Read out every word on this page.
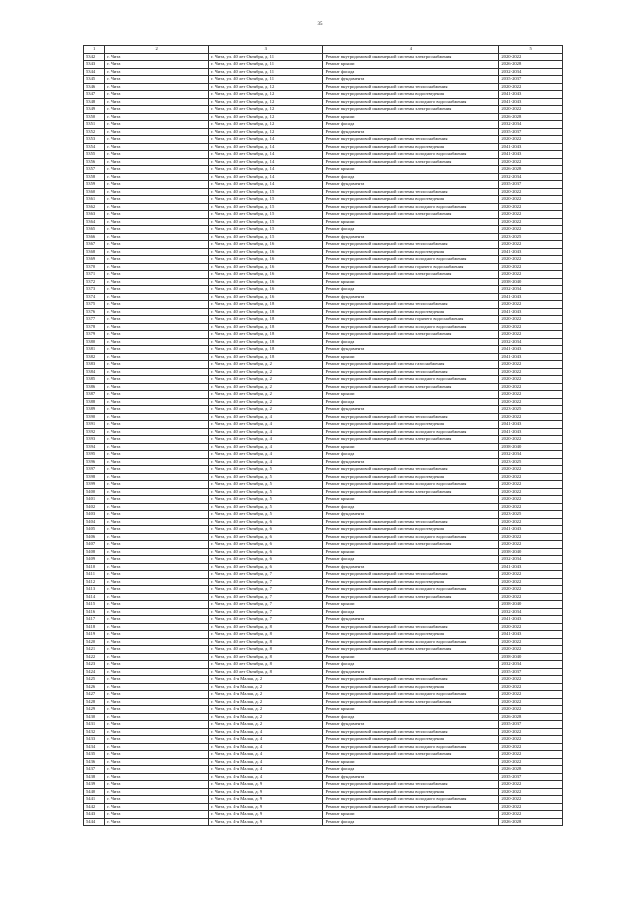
35
1	2	3	4	5
5342	г. Чита	г. Чита, ул. 40 лет Октября, д. 11	Ремонт внутридомовой инженерной системы электроснабжения	2020-2022
5343	г. Чита	г. Чита, ул. 40 лет Октября, д. 11	Ремонт крыши	2026-2028
5344	г. Чита	г. Чита, ул. 40 лет Октября, д. 11	Ремонт фасада	2032-2034
5345	г. Чита	г. Чита, ул. 40 лет Октября, д. 11	Ремонт фундамента	2035-2037
5346	г. Чита	г. Чита, ул. 40 лет Октября, д. 12	Ремонт внутридомовой инженерной системы теплоснабжения	2020-2022
5347	г. Чита	г. Чита, ул. 40 лет Октября, д. 12	Ремонт внутридомовой инженерной системы водоотведения	2041-2043
5348	г. Чита	г. Чита, ул. 40 лет Октября, д. 12	Ремонт внутридомовой инженерной системы холодного водоснабжения	2041-2043
5349	г. Чита	г. Чита, ул. 40 лет Октября, д. 12	Ремонт внутридомовой инженерной системы электроснабжения	2020-2022
5350	г. Чита	г. Чита, ул. 40 лет Октября, д. 12	Ремонт крыши	2026-2028
5351	г. Чита	г. Чита, ул. 40 лет Октября, д. 12	Ремонт фасада	2032-2034
5352	г. Чита	г. Чита, ул. 40 лет Октября, д. 12	Ремонт фундамента	2035-2037
5353	г. Чита	г. Чита, ул. 40 лет Октября, д. 14	Ремонт внутридомовой инженерной системы теплоснабжения	2020-2022
5354	г. Чита	г. Чита, ул. 40 лет Октября, д. 14	Ремонт внутридомовой инженерной системы водоотведения	2041-2043
5355	г. Чита	г. Чита, ул. 40 лет Октября, д. 14	Ремонт внутридомовой инженерной системы холодного водоснабжения	2041-2043
5356	г. Чита	г. Чита, ул. 40 лет Октября, д. 14	Ремонт внутридомовой инженерной системы электроснабжения	2020-2022
5357	г. Чита	г. Чита, ул. 40 лет Октября, д. 14	Ремонт крыши	2026-2028
5358	г. Чита	г. Чита, ул. 40 лет Октября, д. 14	Ремонт фасада	2032-2034
5359	г. Чита	г. Чита, ул. 40 лет Октября, д. 14	Ремонт фундамента	2035-2037
5360	г. Чита	г. Чита, ул. 40 лет Октября, д. 15	Ремонт внутридомовой инженерной системы теплоснабжения	2020-2022
5361	г. Чита	г. Чита, ул. 40 лет Октября, д. 15	Ремонт внутридомовой инженерной системы водоотведения	2020-2022
5362	г. Чита	г. Чита, ул. 40 лет Октября, д. 15	Ремонт внутридомовой инженерной системы холодного водоснабжения	2020-2022
5363	г. Чита	г. Чита, ул. 40 лет Октября, д. 15	Ремонт внутридомовой инженерной системы электроснабжения	2020-2022
5364	г. Чита	г. Чита, ул. 40 лет Октября, д. 15	Ремонт крыши	2020-2022
5365	г. Чита	г. Чита, ул. 40 лет Октября, д. 15	Ремонт фасада	2020-2022
5366	г. Чита	г. Чита, ул. 40 лет Октября, д. 15	Ремонт фундамента	2023-2025
5367	г. Чита	г. Чита, ул. 40 лет Октября, д. 16	Ремонт внутридомовой инженерной системы теплоснабжения	2020-2022
5368	г. Чита	г. Чита, ул. 40 лет Октября, д. 16	Ремонт внутридомовой инженерной системы водоотведения	2041-2043
5369	г. Чита	г. Чита, ул. 40 лет Октября, д. 16	Ремонт внутридомовой инженерной системы холодного водоснабжения	2020-2022
5370	г. Чита	г. Чита, ул. 40 лет Октября, д. 16	Ремонт внутридомовой инженерной системы горячего водоснабжения	2020-2022
5371	г. Чита	г. Чита, ул. 40 лет Октября, д. 16	Ремонт внутридомовой инженерной системы электроснабжения	2020-2022
5372	г. Чита	г. Чита, ул. 40 лет Октября, д. 16	Ремонт крыши	2038-2040
5373	г. Чита	г. Чита, ул. 40 лет Октября, д. 16	Ремонт фасада	2032-2034
5374	г. Чита	г. Чита, ул. 40 лет Октября, д. 16	Ремонт фундамента	2041-2043
5375	г. Чита	г. Чита, ул. 40 лет Октября, д. 18	Ремонт внутридомовой инженерной системы теплоснабжения	2020-2022
5376	г. Чита	г. Чита, ул. 40 лет Октября, д. 18	Ремонт внутридомовой инженерной системы водоотведения	2041-2043
5377	г. Чита	г. Чита, ул. 40 лет Октября, д. 18	Ремонт внутридомовой инженерной системы горячего водоснабжения	2020-2022
5378	г. Чита	г. Чита, ул. 40 лет Октября, д. 18	Ремонт внутридомовой инженерной системы холодного водоснабжения	2020-2022
5379	г. Чита	г. Чита, ул. 40 лет Октября, д. 18	Ремонт внутридомовой инженерной системы электроснабжения	2020-2022
5380	г. Чита	г. Чита, ул. 40 лет Октября, д. 18	Ремонт фасада	2032-2034
5381	г. Чита	г. Чита, ул. 40 лет Октября, д. 18	Ремонт фундамента	2041-2043
5382	г. Чита	г. Чита, ул. 40 лет Октября, д. 18	Ремонт крыши	2041-2043
5383	г. Чита	г. Чита, ул. 40 лет Октября, д. 2	Ремонт внутридомовой инженерной системы газоснабжения	2020-2022
5384	г. Чита	г. Чита, ул. 40 лет Октября, д. 2	Ремонт внутридомовой инженерной системы теплоснабжения	2020-2022
5385	г. Чита	г. Чита, ул. 40 лет Октября, д. 2	Ремонт внутридомовой инженерной системы холодного водоснабжения	2020-2022
5386	г. Чита	г. Чита, ул. 40 лет Октября, д. 2	Ремонт внутридомовой инженерной системы электроснабжения	2020-2022
5387	г. Чита	г. Чита, ул. 40 лет Октября, д. 2	Ремонт крыши	2020-2022
5388	г. Чита	г. Чита, ул. 40 лет Октября, д. 2	Ремонт фасада	2020-2022
5389	г. Чита	г. Чита, ул. 40 лет Октября, д. 2	Ремонт фундамента	2023-2025
5390	г. Чита	г. Чита, ул. 40 лет Октября, д. 4	Ремонт внутридомовой инженерной системы теплоснабжения	2020-2022
5391	г. Чита	г. Чита, ул. 40 лет Октября, д. 4	Ремонт внутридомовой инженерной системы водоотведения	2041-2043
5392	г. Чита	г. Чита, ул. 40 лет Октября, д. 4	Ремонт внутридомовой инженерной системы холодного водоснабжения	2041-2043
5393	г. Чита	г. Чита, ул. 40 лет Октября, д. 4	Ремонт внутридомовой инженерной системы электроснабжения	2020-2022
5394	г. Чита	г. Чита, ул. 40 лет Октября, д. 4	Ремонт крыши	2038-2040
5395	г. Чита	г. Чита, ул. 40 лет Октября, д. 4	Ремонт фасада	2032-2034
5396	г. Чита	г. Чита, ул. 40 лет Октября, д. 4	Ремонт фундамента	2023-2025
5397	г. Чита	г. Чита, ул. 40 лет Октября, д. 5	Ремонт внутридомовой инженерной системы теплоснабжения	2020-2022
5398	г. Чита	г. Чита, ул. 40 лет Октября, д. 5	Ремонт внутридомовой инженерной системы водоотведения	2020-2022
5399	г. Чита	г. Чита, ул. 40 лет Октября, д. 5	Ремонт внутридомовой инженерной системы холодного водоснабжения	2020-2022
5400	г. Чита	г. Чита, ул. 40 лет Октября, д. 5	Ремонт внутридомовой инженерной системы электроснабжения	2020-2022
5401	г. Чита	г. Чита, ул. 40 лет Октября, д. 5	Ремонт крыши	2020-2022
5402	г. Чита	г. Чита, ул. 40 лет Октября, д. 5	Ремонт фасада	2020-2022
5403	г. Чита	г. Чита, ул. 40 лет Октября, д. 5	Ремонт фундамента	2023-2025
5404	г. Чита	г. Чита, ул. 40 лет Октября, д. 6	Ремонт внутридомовой инженерной системы теплоснабжения	2020-2022
5405	г. Чита	г. Чита, ул. 40 лет Октября, д. 6	Ремонт внутридомовой инженерной системы водоотведения	2041-2043
5406	г. Чита	г. Чита, ул. 40 лет Октября, д. 6	Ремонт внутридомовой инженерной системы холодного водоснабжения	2020-2022
5407	г. Чита	г. Чита, ул. 40 лет Октября, д. 6	Ремонт внутридомовой инженерной системы электроснабжения	2020-2022
5408	г. Чита	г. Чита, ул. 40 лет Октября, д. 6	Ремонт крыши	2038-2040
5409	г. Чита	г. Чита, ул. 40 лет Октября, д. 6	Ремонт фасада	2032-2034
5410	г. Чита	г. Чита, ул. 40 лет Октября, д. 6	Ремонт фундамента	2041-2043
5411	г. Чита	г. Чита, ул. 40 лет Октября, д. 7	Ремонт внутридомовой инженерной системы теплоснабжения	2020-2022
5412	г. Чита	г. Чита, ул. 40 лет Октября, д. 7	Ремонт внутридомовой инженерной системы водоотведения	2020-2022
5413	г. Чита	г. Чита, ул. 40 лет Октября, д. 7	Ремонт внутридомовой инженерной системы холодного водоснабжения	2020-2022
5414	г. Чита	г. Чита, ул. 40 лет Октября, д. 7	Ремонт внутридомовой инженерной системы электроснабжения	2020-2022
5415	г. Чита	г. Чита, ул. 40 лет Октября, д. 7	Ремонт крыши	2038-2040
5416	г. Чита	г. Чита, ул. 40 лет Октября, д. 7	Ремонт фасада	2032-2034
5417	г. Чита	г. Чита, ул. 40 лет Октября, д. 7	Ремонт фундамента	2041-2043
5418	г. Чита	г. Чита, ул. 40 лет Октября, д. 8	Ремонт внутридомовой инженерной системы теплоснабжения	2020-2022
5419	г. Чита	г. Чита, ул. 40 лет Октября, д. 8	Ремонт внутридомовой инженерной системы водоотведения	2041-2043
5420	г. Чита	г. Чита, ул. 40 лет Октября, д. 8	Ремонт внутридомовой инженерной системы холодного водоснабжения	2020-2022
5421	г. Чита	г. Чита, ул. 40 лет Октября, д. 8	Ремонт внутридомовой инженерной системы электроснабжения	2020-2022
5422	г. Чита	г. Чита, ул. 40 лет Октября, д. 8	Ремонт крыши	2038-2040
5423	г. Чита	г. Чита, ул. 40 лет Октября, д. 8	Ремонт фасада	2032-2034
5424	г. Чита	г. Чита, ул. 40 лет Октября, д. 8	Ремонт фундамента	2035-2037
5425	г. Чита	г. Чита, ул. 4-я Малая, д. 2	Ремонт внутридомовой инженерной системы теплоснабжения	2020-2022
5426	г. Чита	г. Чита, ул. 4-я Малая, д. 2	Ремонт внутридомовой инженерной системы водоотведения	2020-2022
5427	г. Чита	г. Чита, ул. 4-я Малая, д. 2	Ремонт внутридомовой инженерной системы холодного водоснабжения	2020-2022
5428	г. Чита	г. Чита, ул. 4-я Малая, д. 2	Ремонт внутридомовой инженерной системы электроснабжения	2020-2022
5429	г. Чита	г. Чита, ул. 4-я Малая, д. 2	Ремонт крыши	2020-2022
5430	г. Чита	г. Чита, ул. 4-я Малая, д. 2	Ремонт фасада	2026-2028
5431	г. Чита	г. Чита, ул. 4-я Малая, д. 2	Ремонт фундамента	2035-2037
5432	г. Чита	г. Чита, ул. 4-я Малая, д. 4	Ремонт внутридомовой инженерной системы теплоснабжения	2020-2022
5433	г. Чита	г. Чита, ул. 4-я Малая, д. 4	Ремонт внутридомовой инженерной системы водоотведения	2020-2022
5434	г. Чита	г. Чита, ул. 4-я Малая, д. 4	Ремонт внутридомовой инженерной системы холодного водоснабжения	2020-2022
5435	г. Чита	г. Чита, ул. 4-я Малая, д. 4	Ремонт внутридомовой инженерной системы электроснабжения	2020-2022
5436	г. Чита	г. Чита, ул. 4-я Малая, д. 4	Ремонт крыши	2020-2022
5437	г. Чита	г. Чита, ул. 4-я Малая, д. 4	Ремонт фасада	2026-2028
5438	г. Чита	г. Чита, ул. 4-я Малая, д. 4	Ремонт фундамента	2035-2037
5439	г. Чита	г. Чита, ул. 4-я Малая, д. 9	Ремонт внутридомовой инженерной системы теплоснабжения	2020-2022
5440	г. Чита	г. Чита, ул. 4-я Малая, д. 9	Ремонт внутридомовой инженерной системы водоотведения	2020-2022
5441	г. Чита	г. Чита, ул. 4-я Малая, д. 9	Ремонт внутридомовой инженерной системы холодного водоснабжения	2020-2022
5442	г. Чита	г. Чита, ул. 4-я Малая, д. 9	Ремонт внутридомовой инженерной системы электроснабжения	2020-2022
5443	г. Чита	г. Чита, ул. 4-я Малая, д. 9	Ремонт крыши	2020-2022
5444	г. Чита	г. Чита, ул. 4-я Малая, д. 9	Ремонт фасада	2026-2028
